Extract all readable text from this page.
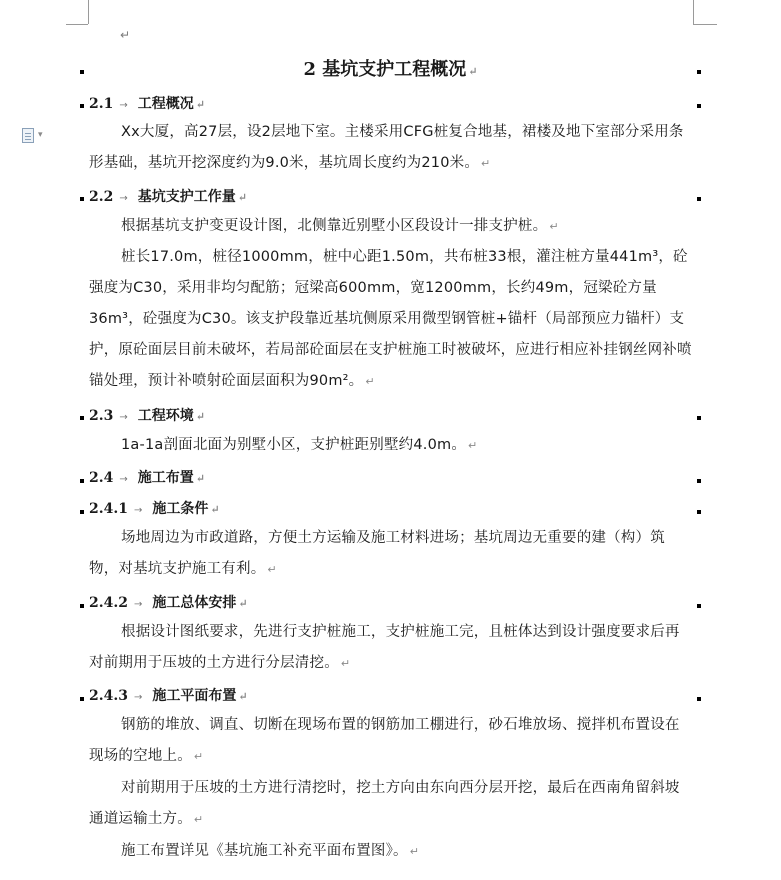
↵
▾
2 基坑支护工程概况 ↵
2.1 → 工程概况 ↵
Xx大厦，高27层，设2层地下室。主楼采用CFG桩复合地基，裙楼及地下室部分采用条形基础，基坑开挖深度约为9.0米，基坑周长度约为210米。 ↵
2.2 → 基坑支护工作量 ↵
根据基坑支护变更设计图，北侧靠近别墅小区段设计一排支护桩。 ↵
桩长17.0m，桩径1000mm，桩中心距1.50m，共布桩33根，灌注桩方量441m³，砼强度为C30，采用非均匀配筋；冠梁高600mm，宽1200mm，长约49m，冠梁砼方量36m³，砼强度为C30。该支护段靠近基坑侧原采用微型钢管桩+锚杆（局部预应力锚杆）支护，原砼面层目前未破坏，若局部砼面层在支护桩施工时被破坏，应进行相应补挂钢丝网补喷锚处理，预计补喷射砼面层面积为90m²。 ↵
2.3 → 工程环境 ↵
1a-1a剖面北面为别墅小区，支护桩距别墅约4.0m。 ↵
2.4 → 施工布置 ↵
2.4.1 → 施工条件 ↵
场地周边为市政道路，方便土方运输及施工材料进场；基坑周边无重要的建（构）筑物，对基坑支护施工有利。 ↵
2.4.2 → 施工总体安排 ↵
根据设计图纸要求，先进行支护桩施工，支护桩施工完，且桩体达到设计强度要求后再对前期用于压坡的土方进行分层清挖。 ↵
2.4.3 → 施工平面布置 ↵
钢筋的堆放、调直、切断在现场布置的钢筋加工棚进行，砂石堆放场、搅拌机布置设在现场的空地上。 ↵
对前期用于压坡的土方进行清挖时，挖土方向由东向西分层开挖，最后在西南角留斜坡通道运输土方。 ↵
施工布置详见《基坑施工补充平面布置图》。 ↵
